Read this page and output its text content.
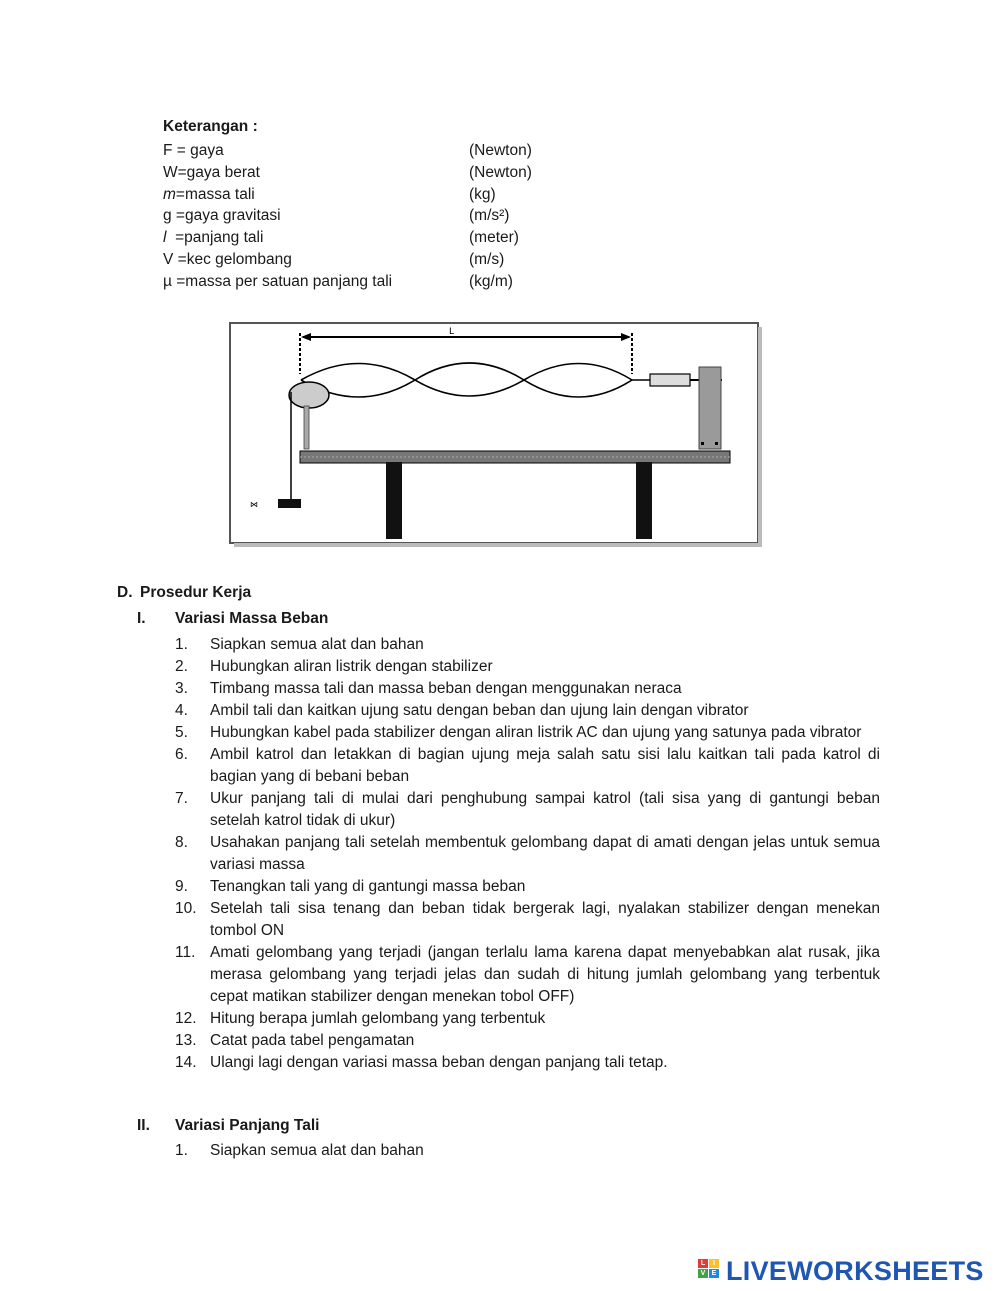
Keterangan :
F = gaya	(Newton)
W=gaya berat	(Newton)
m=massa tali	(kg)
g =gaya gravitasi	(m/s²)
l  =panjang tali	(meter)
V =kec gelombang	(m/s)
µ =massa per satuan panjang tali	(kg/m)
L
⋈
D. Prosedur Kerja
I. Variasi Massa Beban
1. Siapkan semua alat dan bahan
2. Hubungkan aliran listrik dengan stabilizer
3. Timbang massa tali dan massa beban dengan menggunakan neraca
4. Ambil tali dan kaitkan ujung satu dengan beban dan ujung lain dengan vibrator
5. Hubungkan kabel pada stabilizer dengan aliran listrik AC dan ujung yang satunya pada vibrator
6. Ambil katrol dan letakkan di bagian ujung meja salah satu sisi lalu kaitkan tali pada katrol di bagian yang di bebani beban
7. Ukur panjang tali di mulai dari penghubung sampai katrol (tali sisa yang di gantungi beban setelah katrol tidak di ukur)
8. Usahakan panjang tali setelah membentuk gelombang dapat di amati dengan jelas untuk semua variasi massa
9. Tenangkan tali yang di gantungi massa beban
10. Setelah tali sisa tenang dan beban tidak bergerak lagi, nyalakan stabilizer dengan menekan tombol ON
11. Amati gelombang yang terjadi (jangan terlalu lama karena dapat menyebabkan alat rusak, jika merasa gelombang yang terjadi jelas dan sudah di hitung jumlah gelombang yang terbentuk cepat matikan stabilizer dengan menekan tobol OFF)
12. Hitung berapa jumlah gelombang yang terbentuk
13. Catat pada tabel pengamatan
14. Ulangi lagi dengan variasi massa beban dengan panjang tali tetap.
II. Variasi Panjang Tali
1. Siapkan semua alat dan bahan
L	I
V E LIVEWORKSHEETS
